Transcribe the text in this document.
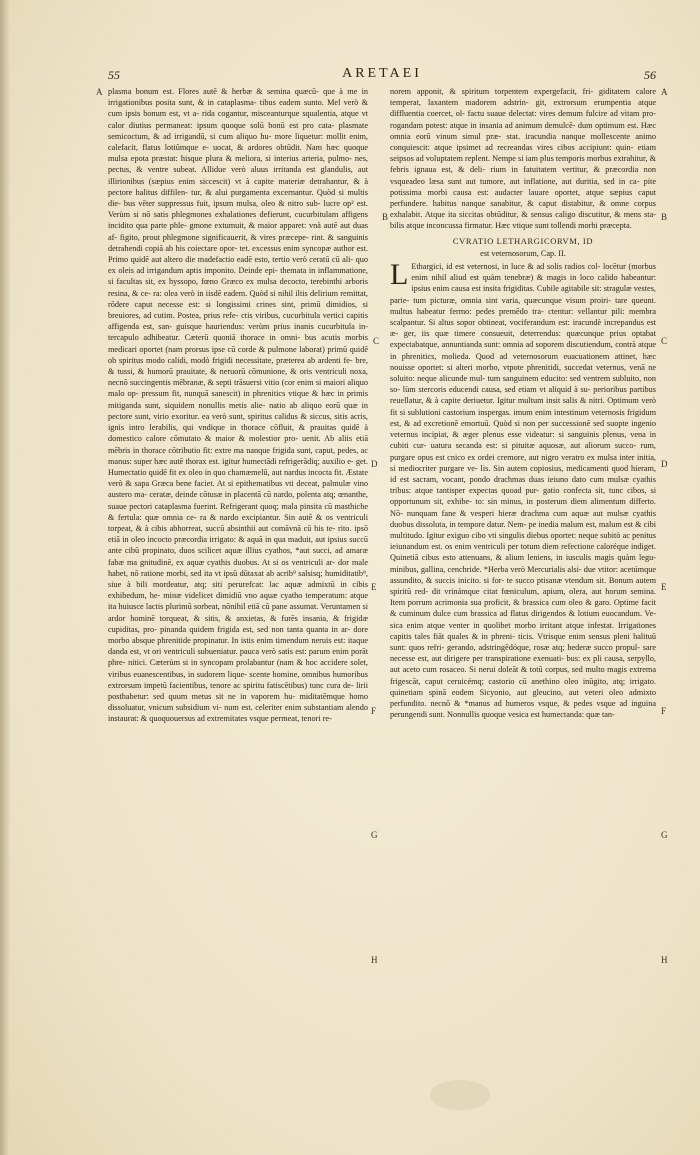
55	ARETAEI	56
A
B
C
D
E
F
G
H
A
B
C
D
E
F
G
H

plasma bonum est. Flores autē & herbæ & semina quæcū- que à me in irrigationibus posita sunt, & in cataplasma- tibus eadem sunto. Mel verò & cum ipsis bonum est, vt a- rida cogantur, misceanturque squalentia, atque vt calor diutius permaneat: ipsum quoque solū bonū est pro cata- plasmate semicoctum, & ad irrigandū, si cum aliquo hu- more liquetur: mollit enim, calefacit, flatus lotiūmque e- uocat, & ardores obtūdit. Nam hæc quoque mulsa epota præstat: hisque plura & meliora, si interius arteria, pulmo- nes, pectus, & ventre subeat. Allidue verò aluus irritanda est glandulis, aut illirionibus (sæpius enim siccescit) vt à capite materiæ detrahantur, & à pectore halitus diffilen- tur, & alui purgamenta excernantur. Quòd si multis die- bus vēter suppressus fuit, ipsum mulsa, oleo & nitro sub- lucre op² est. Verùm si nō satis phlegmones exhalationes defierunt, cucurbitulam affigens incidito qua parte phle- gmone extumuit, & maior apparet: vnà autē aut duas af- figito, prout phlegmone significauerit, & vires præcepe- rint. & sanguinis detrahendi copiā ab his coiectare opor- tet. excessus enim syncopæ author est. Primo quidē aut altero die madefactio eadē esto, tertio verò ceratū cū ali- quo ex oleis ad irrigandum aptis imponito. Deinde epi- themata in inflammatione, si facultas sit, ex hyssopo, fœno Græco ex mulsa decocto, terebinthi arboris resina, & ce- ra: olea verò in iisdē eadem. Quòd si nihil iltis delirium remittat, rōdere caput necesse est: si longissimi crines sint, primū dimidios, si breuiores, ad cutim. Postea, prius refe- ctis viribus, cucurbitula vertici capitis affigenda est, san- guisque hauriendus: verùm prius inanis cucurbitula in- tercapulo adhibeatur. Cæterū quoniā thorace in omni- bus acutis morbis medicari oportet (nam prorsus ipse cū corde & pulmone laborat) primū quidē ob spiritus modo calidi, modò frigidi necessitate, præterea ab ardenti fe- bre, & tussi, & humorū prauitate, & neruorū cōmunione, & oris ventriculi noxa, necnō succingentis mēbranæ, & septi trāsuersi vitio (cor enim si maiori aliquo malo op- pressum fit, nunquā sanescit) in phrenitics vtique & hæc in primis mitiganda sunt, siquidem nonullis metis alie- natio ab aliquo eorū quæ in pectore sunt, virio exoritur. ea verò sunt, spiritus calidus & siccus, sitis acris, ignis intro lerabilis, qui vndique in thorace cōfluit, & prauitas quidē à domestico calore cōmutato & maior & molestior pro- uenit. Ab aliis etiā mēbris in thorace cōtributio fit: extre ma nanque frigida sunt, caput, pedes, ac manus: super hæc autē thorax est. igitur humectādi refrigerādiq; auxilio e- get. Humectatio quidē fit ex oleo in quo chamæmelū, aut nardus incocta fit. Æstate verò & sapa Græca bene faciet. At si epithematibus vti deceat, palmulæ vino austero ma- ceratæ, deinde cōtusæ in placentā cū nardo, polenta atq; œnanthe, suaue pectori cataplasma fuerint. Refrigerant quoq; mala pinsita cū masthiche & fertula: quæ omnia ce- ra & nardo excipiantur. Sin autē & os ventriculi torpeat, & à cibis abhorreat, succū absinthii aut comāvnā cū his te- rito. ipsō etiā in oleo incocto præcordia irrigato: & aquā in qua maduit, aut ipsius succū ante cibū propinato, duos scilicet aquæ illius cyathos, *aut succi, ad amaræ fabæ ma gnitudinē, ex aquæ cyathis duobus. At si os ventriculi ar- dor male habet, nō ratione morbi, sed ita vt ipsū dūtaxat ab acrib⁹ salsisq; humiditatib⁹, siue à bili mordeatur, atq; siti perurefcat: lac aquæ admixtū in cibis exhibedum, he- minæ videlicet dimidiū vno aquæ cyatho temperatum: atque ita huiusce lactis plurimū sorbeat, nōnihil etiā cū pane assumat. Veruntamen si ardor hominē torqueat, & sitis, & anxietas, & furēs insania, & frigidæ cupiditas, pro- pinanda quidem frigida est, sed non tanta quanta in ar- dore morbo absque phrenitide propinatur. In istis enim timendum neruis est: itaque danda est, vt ori ventriculi subueniatur. pauca verò satis est: parum enim porāt phre- nitici. Cæterùm si in syncopam prolabantur (nam & hoc accidere solet, viribus euanescentibus, in sudorem lique- scente homine, omnibus humoribus extrorsum impetū facientibus, tenore ac spiritu fatiscētibus) tunc cura de- lirii posthabetur: sed quum metus sit ne in vaporem hu- miditatēmque homo dissoluatur, vnicum subsidium vi- num est. celeriter enim substantiam alendo instaurat: & quoquouersus ad extremitates vsque permeat, tenori re-

norem apponit, & spiritum torpentem expergefacit, fri- giditatem calore temperat, laxantem madorem adstrin- git, extrorsum erumpentia atque diffluentia coercet, ol- factu suaue delectat: vires demum fulcire ad vitam pro- rogandam potest: atque in insania ad animum demulcē- dum optimum est. Hæc omnia eorū vinum simul præ- stat. iracundia nanque mollescente animo conquiescit: atque ipsimet ad recreandas vires cibos accipiunt: quin- etiam seipsos ad voluptatem replent. Nempe si iam plus temporis morbus extrahitur, & febris ignaua est, & deli- rium in fatuitatem vertitur, & præcordia non vsqueadeo læsa sunt aut tumore, aut inflatione, aut duritia, sed in ca- pite potissima morbi causa est: audacter lauare oportet, atque sæpius caput perfundere. habitus nanque sanabitur, & caput distabitur, & omne corpus exhalabit. Atque ita siccitas obtūditur, & sensus caligo discutitur, & mens sta- bilis atque inconcussa firmatur. Hæc vtique sunt tollendi morbi præcepta.

CVRATIO LETHARGICORVM, ID
est veternosorum, Cap. II.
L Ethargici, id est veternosi, in luce & ad solis radios col- locētur (morbus enim nihil aliud est quàm tenebræ) & magis in loco calido habeantur: ipsius enim causa est insita frigiditas. Cubile agitabile sit: stragulæ vestes, parie- tum picturæ, omnia sint varia, quæcunque visum proiri- tare queunt. multus habeatur fermo: pedes premēdo tra- ctentur: vellantur pili: membra scalpantur. Si altus sopor obtineat, vociferandum est: iracundè increpandus est æ- ger, iis quæ timere consueuit, deterrendus: quæcunque prius optabat expectabatque, annuntianda sunt: omnia ad soporem discutiendum, contrà atque in phrenitics, molieda. Quod ad veternosorum euacuationem attinet, hæc nouisse oportet: si alteri morbo, vtpote phrenitidi, succedat veternus, venā ne soluito: neque alicunde mul- tum sanguinem educito: sed ventrem subluito, non so- lùm stercoris educendi causa, sed etiam vt aliquid à su- perioribus partibus reuellatur, & à capite deriuetur. Igitur multum insit salis & nitri. Optimum verò fit si sublutioni castorium inspergas. imum enim intestinum veternosis frigidum est, & ad excretionē emortuū. Quòd si non per successionē sed suopte ingenio veternus incipiat, & æger plenus esse videatur: si sanguinis plenus, vena in cubiti cur- uatura secanda est: si pituitæ aquosæ, aut aliorum succo- rum, purgare opus est cnico ex ordei cremore, aut nigro veratro ex mulsa inter initia, si mediocriter purgare ve- lis. Sin autem copiosius, medicamenti quod hieram, id est sacram, vocant, pondo drachmas duas ieiuno dato cum mulsæ cyathis tribus: atque tantisper expectas quoad pur- gatio confecta sit, tunc cibos, si opportunum sit, exhibe- to: sin minus, in posterum diem alimentum differto. Nō- nunquam fane & vesperi hieræ drachma cum aquæ aut mulsæ cyathis duobus dissoluta, in tempore datur. Nem- pe inedia malum est, malum est & cibi multitudo. Igitur exiguo cibo vti singulis diebus oportet: neque subitò ac penitus ieiunandum est. os enim ventriculi per totum diem refectione caloréque indiget. Quinetiā cibus esto attenuans, & alium leniens, in iusculis magis quàm legu- minibus, gallina, cenchride. *Herba verò Mercurialis alsi- due vtitor: acetúmque assundito, & succis inicito. si for- te succo ptisanæ vtendum sit. Bonum autem spiritū red- dit vrinámque citat fœniculum, apium, olera, aut horum semina. Item porrum acrimonia sua proficit, & brassica cum oleo & garo. Optime facit & cuminum dulce cum brassica ad flatus dirigendos & lotium euocandum. Ve- sica enim atque venter in quolibet morbo irritant atque infestat. Irrigationes capitis tales fiāt quales & in phreni- ticis. Vtrisque enim sensus pleni halituū sunt: quos refri- gerando, adstringēdóque, rosæ atq; hederæ succo propul- sare necesse est, aut dirigere per transpiratione exenuati- bus: ex pli causa, serpyllo, aut aceto cum rosaceo. Si nerui doleāt & totū corpus, sed multo magis extrema frigescāt, caput ceruicémq; castorio cū anethino oleo inūgito, atq; irrigato. quinetiam spinā eodem Sicyonio, aut gleucino, aut veteri oleo admixto perfundito. necnō & *manus ad humeros vsque, & pedes vsque ad inguina perungendi sunt. Nonnullis quoque vesica est humectanda: quæ tan-
